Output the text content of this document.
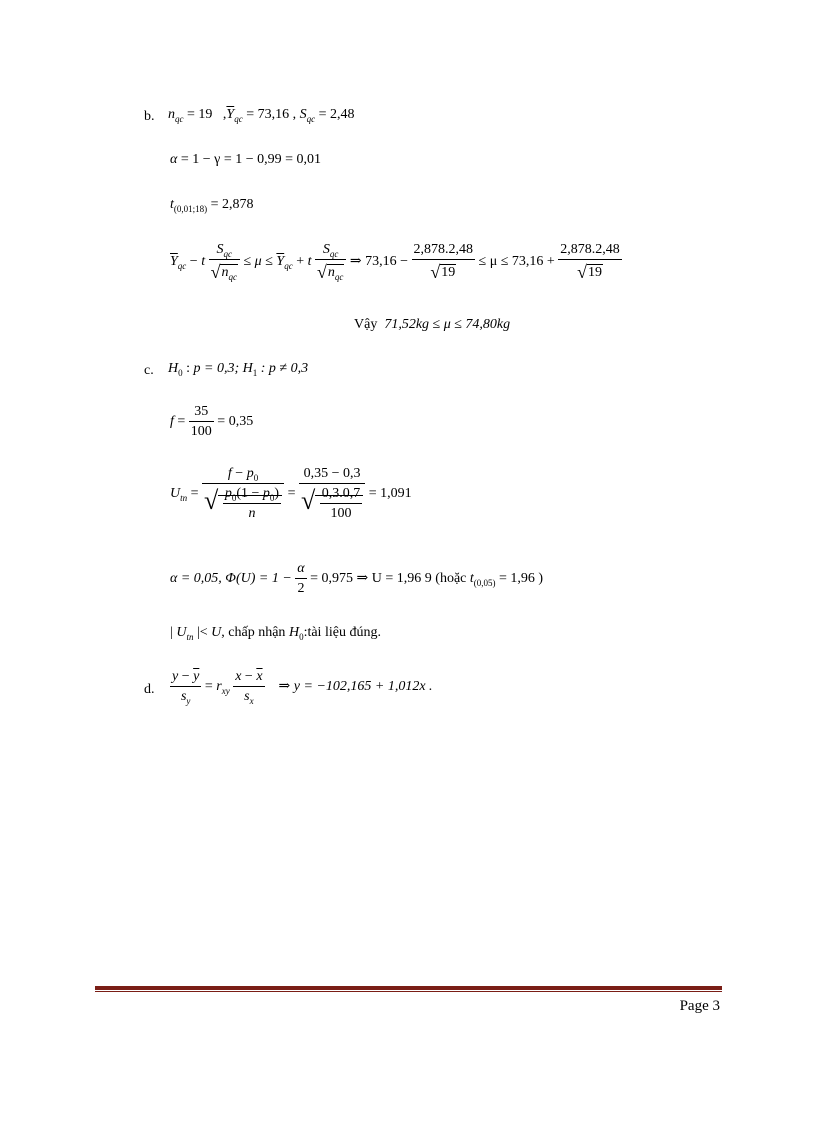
b. $n_{qc} = 19$   $,\overline{Y}_{qc} = 73,16$ , $S_{qc} = 2,48$
α = 1 − γ = 1 − 0,99 = 0,01
$t_{(0,01;18)} = 2,878$
$\overline{Y}_{qc} - t \frac{S_{qc}}{√n_{qc}} \le \mu \le \overline{Y}_{qc} + t \frac{S_{qc}}{√n_{qc}}$ ⇒ $73,16 - \frac{2,878.2,48}{√19} \le \mu \le 73,16 + \frac{2,878.2,48}{√19}$
Vậy 71,52kg ≤ μ ≤ 74,80kg
c. $H_0$ : p = 0,3; $H_1$ : p ≠ 0,3
$f = \frac{35}{100} = 0,35$
$U_{tn} = \frac{f - p_0}{√ \frac{p_0(1 - p_0)}{n}} = \frac{0,35 - 0,3}{√ \frac{0,3.0,7}{100}} = 1,091$
α = 0,05, $\Phi(U) = 1 - \frac{\alpha}{2} = 0,975$ ⇒ U = 1,96 9 (hoặc $t_{(0,05)} = 1,96$ )
| $U_{tn}$ |< U, chấp nhận $H_0:tài$ liệu đúng.
d. $\frac{y - \overline{y}}{s_y} = r_{xy} \frac{x - \overline{x}}{s_x}$ ⇒ y = −102,165 + 1,012x .
Page 3
